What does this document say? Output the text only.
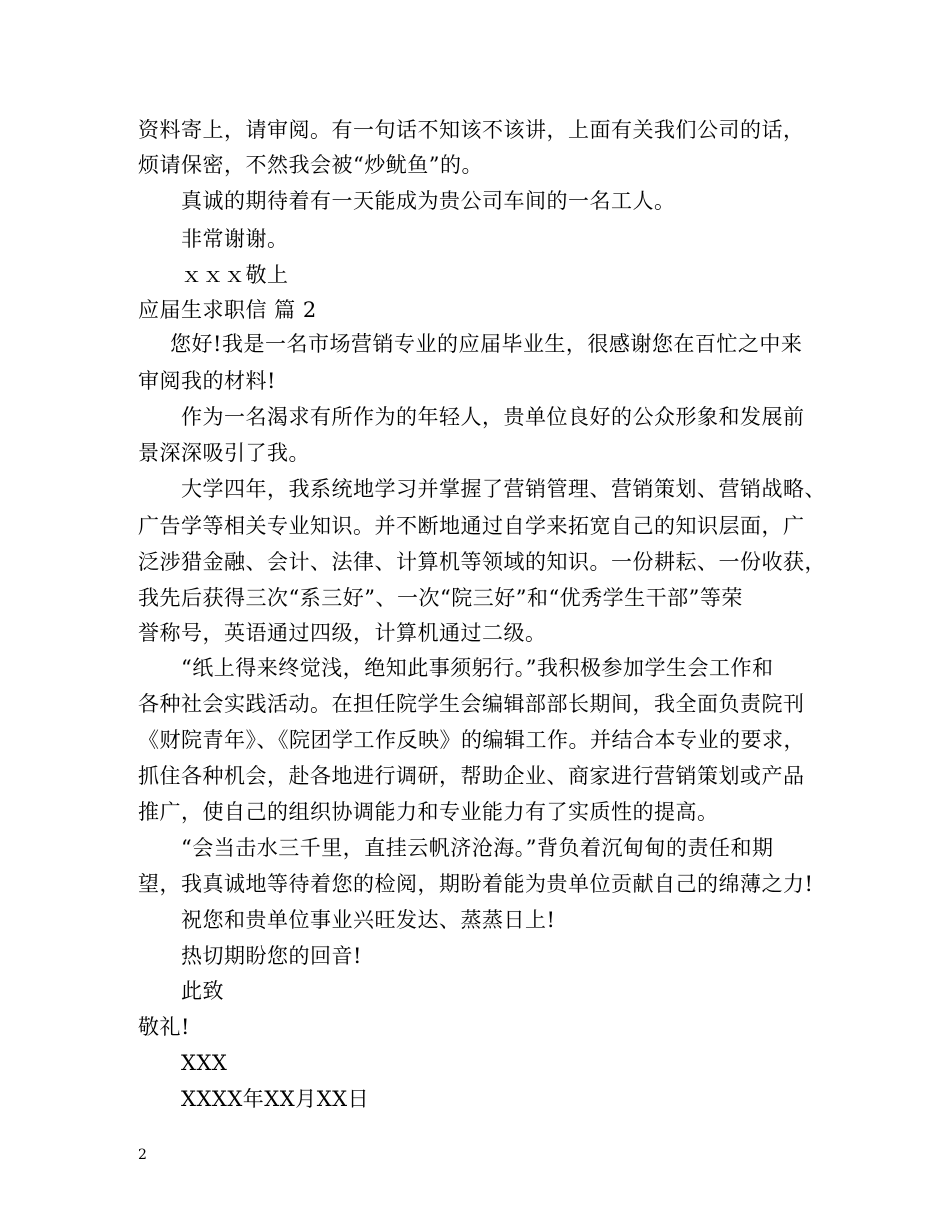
资料寄上，请审阅。有一句话不知该不该讲，上面有关我们公司的话，
烦请保密，不然我会被“炒鱿鱼”的。
真诚的期待着有一天能成为贵公司车间的一名工人。
非常谢谢。
ｘｘｘ敬上
应届生求职信 篇 2
您好!我是一名市场营销专业的应届毕业生，很感谢您在百忙之中来
审阅我的材料!
作为一名渴求有所作为的年轻人，贵单位良好的公众形象和发展前
景深深吸引了我。
大学四年，我系统地学习并掌握了营销管理、营销策划、营销战略、
广告学等相关专业知识。并不断地通过自学来拓宽自己的知识层面，广
泛涉猎金融、会计、法律、计算机等领域的知识。一份耕耘、一份收获，
我先后获得三次“系三好”、一次“院三好”和“优秀学生干部”等荣
誉称号，英语通过四级，计算机通过二级。
“纸上得来终觉浅，绝知此事须躬行。”我积极参加学生会工作和
各种社会实践活动。在担任院学生会编辑部部长期间，我全面负责院刊
《财院青年》、《院团学工作反映》的编辑工作。并结合本专业的要求，
抓住各种机会，赴各地进行调研，帮助企业、商家进行营销策划或产品
推广，使自己的组织协调能力和专业能力有了实质性的提高。
“会当击水三千里，直挂云帆济沧海。”背负着沉甸甸的责任和期
望，我真诚地等待着您的检阅，期盼着能为贵单位贡献自己的绵薄之力!
祝您和贵单位事业兴旺发达、蒸蒸日上!
热切期盼您的回音!
此致
敬礼!
XXX
XXXX年XX月XX日
2
